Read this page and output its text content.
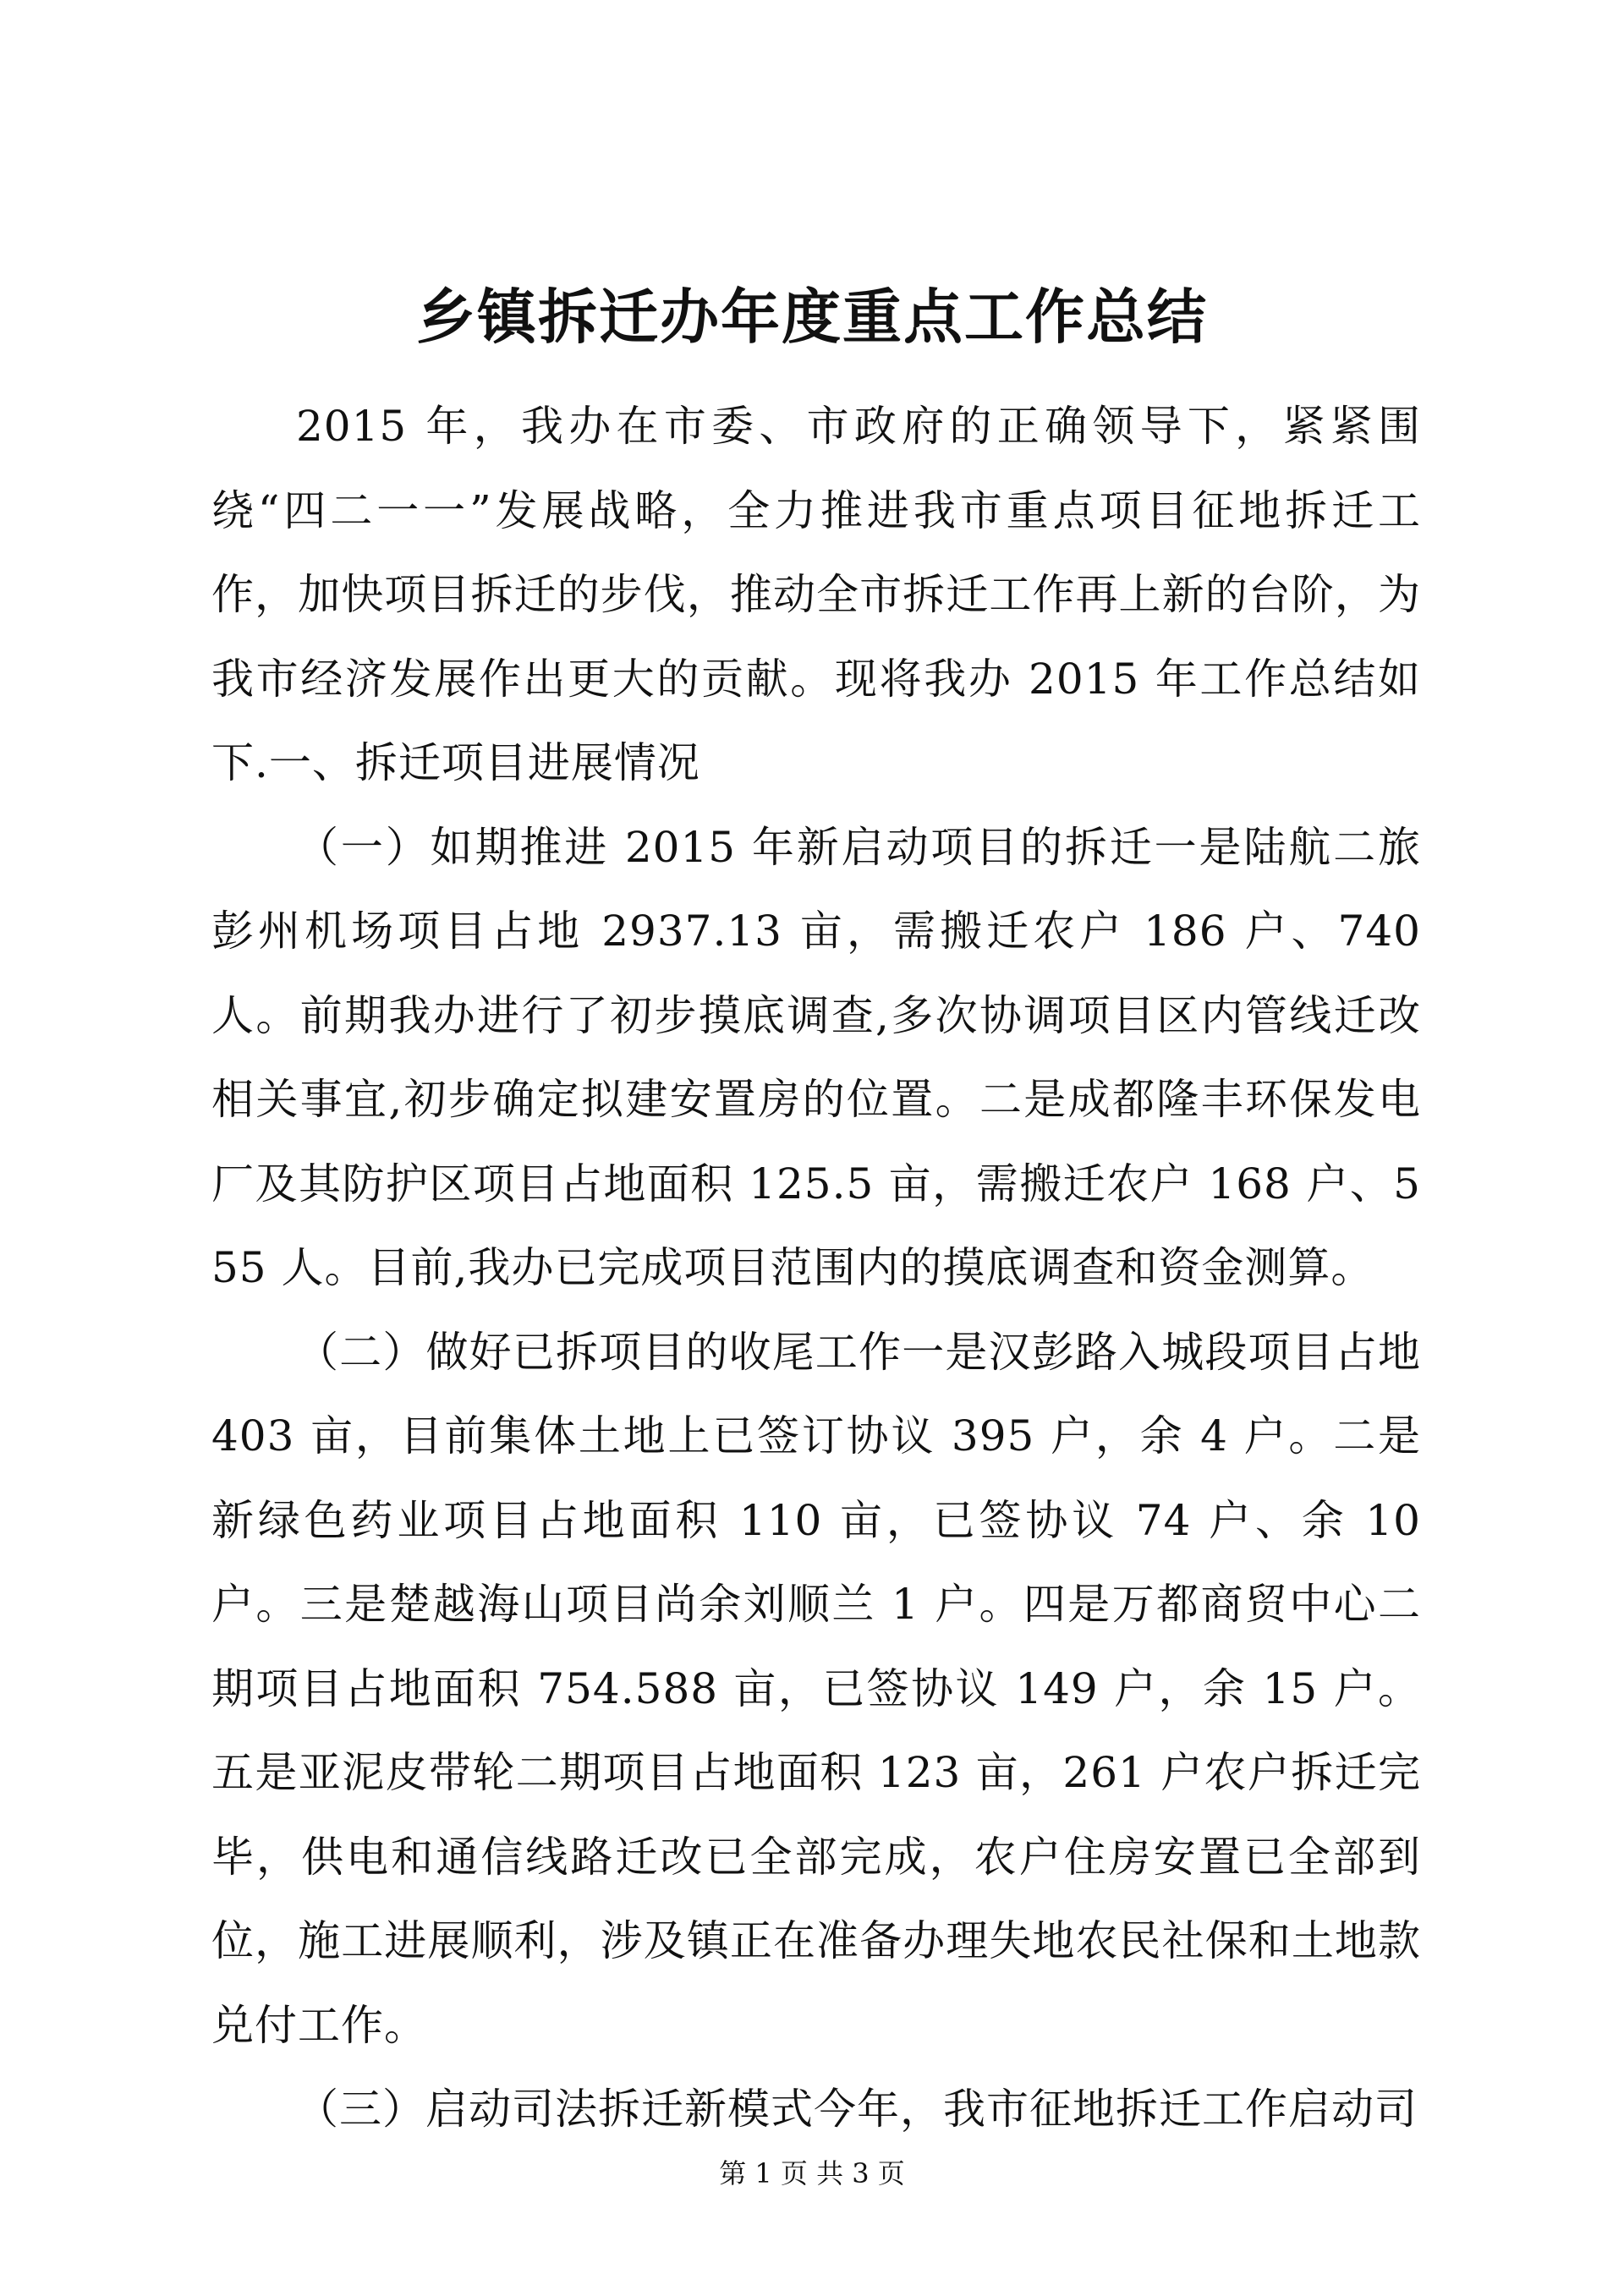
乡镇拆迁办年度重点工作总结

2015 年，我办在市委、市政府的正确领导下，紧紧围绕“四二一一”发展战略，全力推进我市重点项目征地拆迁工作，加快项目拆迁的步伐，推动全市拆迁工作再上新的台阶，为我市经济发展作出更大的贡献。现将我办 2015 年工作总结如下.一、拆迁项目进展情况

（一）如期推进 2015 年新启动项目的拆迁一是陆航二旅彭州机场项目占地 2937.13 亩，需搬迁农户 186 户、740 人。前期我办进行了初步摸底调查,多次协调项目区内管线迁改相关事宜,初步确定拟建安置房的位置。二是成都隆丰环保发电厂及其防护区项目占地面积 125.5 亩，需搬迁农户 168 户、555 人。目前,我办已完成项目范围内的摸底调查和资金测算。

（二）做好已拆项目的收尾工作一是汉彭路入城段项目占地 403 亩，目前集体土地上已签订协议 395 户，余 4 户。二是新绿色药业项目占地面积 110 亩，已签协议 74 户、余 10 户。三是楚越海山项目尚余刘顺兰 1 户。四是万都商贸中心二期项目占地面积 754.588 亩，已签协议 149 户，余 15 户。五是亚泥皮带轮二期项目占地面积 123 亩，261 户农户拆迁完毕，供电和通信线路迁改已全部完成，农户住房安置已全部到位，施工进展顺利，涉及镇正在准备办理失地农民社保和土地款兑付工作。

（三）启动司法拆迁新模式今年，我市征地拆迁工作启动司

第 1 页 共 3 页
